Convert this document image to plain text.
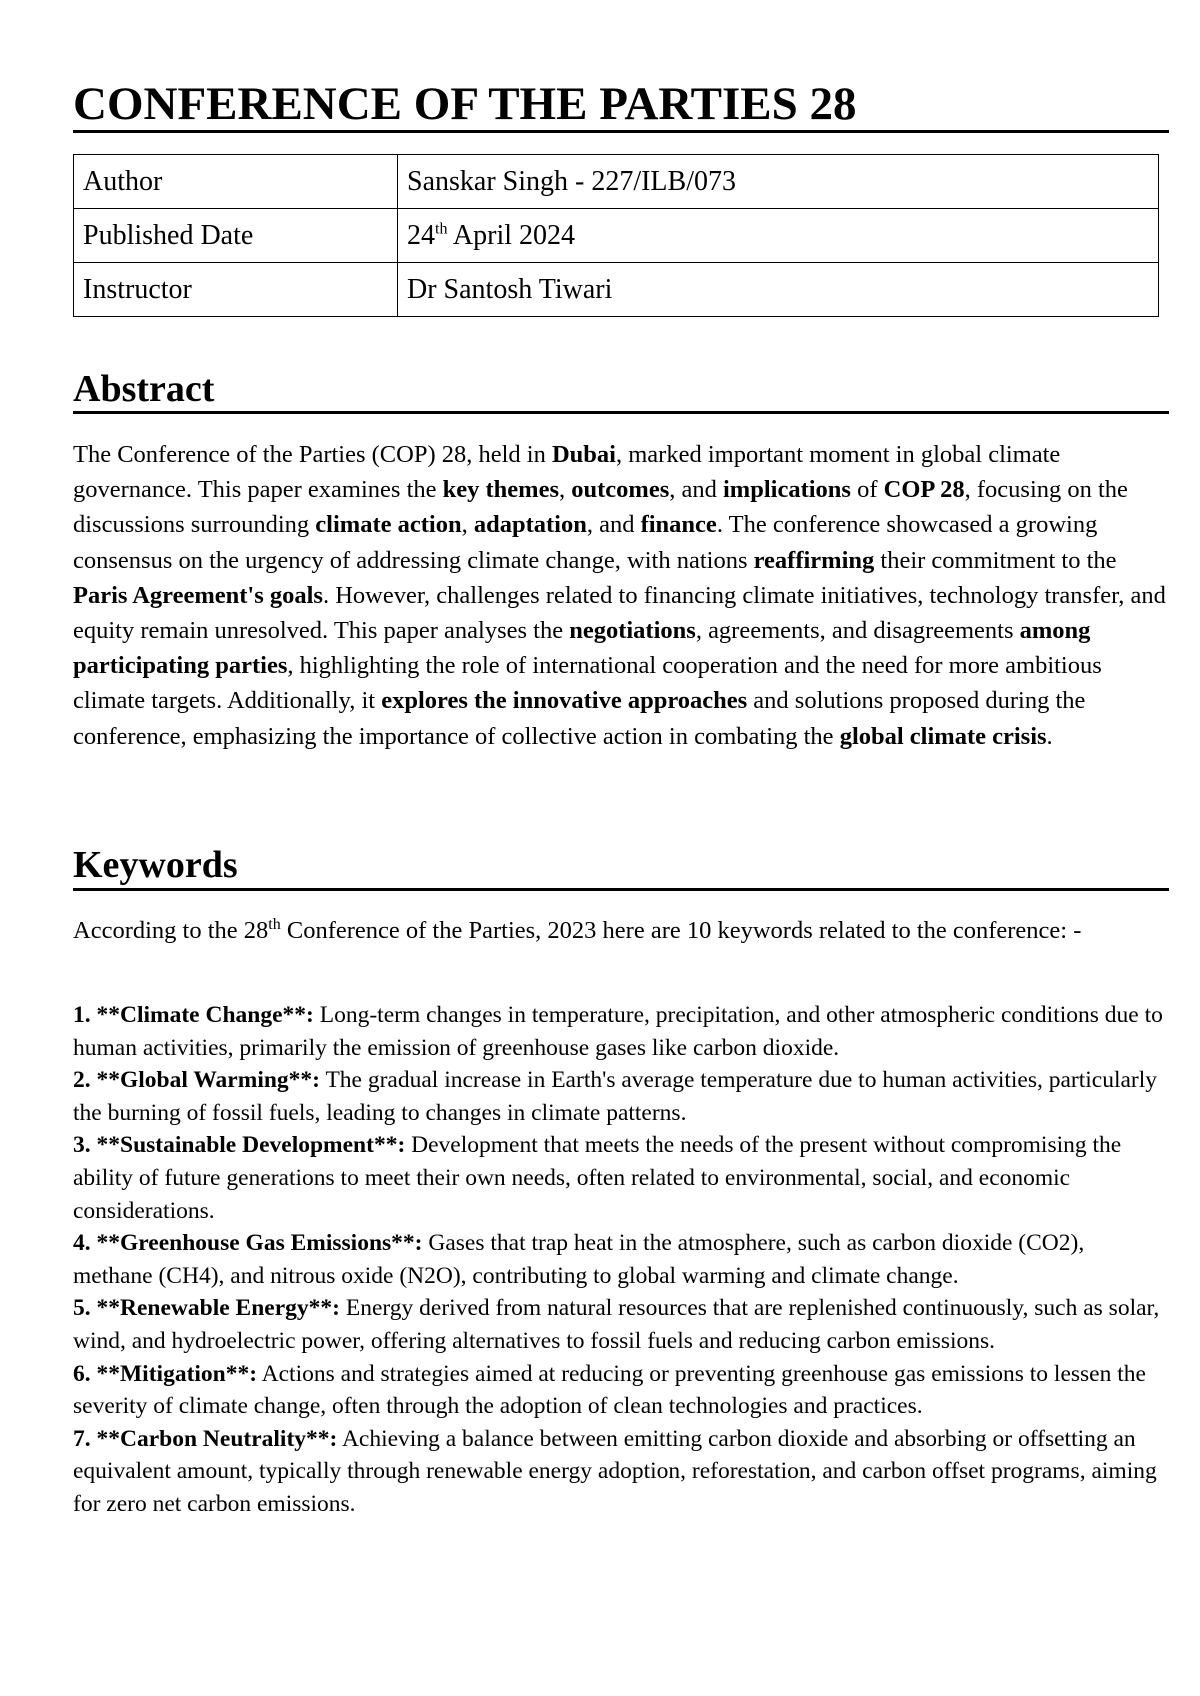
CONFERENCE OF THE PARTIES 28
Author	Sanskar Singh - 227/ILB/073
Published Date	24th April 2024
Instructor	Dr Santosh Tiwari
Abstract

The Conference of the Parties (COP) 28, held in Dubai, marked important moment in global climate governance. This paper examines the key themes, outcomes, and implications of COP 28, focusing on the discussions surrounding climate action, adaptation, and finance. The conference showcased a growing consensus on the urgency of addressing climate change, with nations reaffirming their commitment to the Paris Agreement's goals. However, challenges related to financing climate initiatives, technology transfer, and equity remain unresolved. This paper analyses the negotiations, agreements, and disagreements among participating parties, highlighting the role of international cooperation and the need for more ambitious climate targets. Additionally, it explores the innovative approaches and solutions proposed during the conference, emphasizing the importance of collective action in combating the global climate crisis.

Keywords

According to the 28th Conference of the Parties, 2023 here are 10 keywords related to the conference: -

1. **Climate Change**: Long-term changes in temperature, precipitation, and other atmospheric conditions due to human activities, primarily the emission of greenhouse gases like carbon dioxide.
2. **Global Warming**: The gradual increase in Earth's average temperature due to human activities, particularly the burning of fossil fuels, leading to changes in climate patterns.
3. **Sustainable Development**: Development that meets the needs of the present without compromising the ability of future generations to meet their own needs, often related to environmental, social, and economic considerations.
4. **Greenhouse Gas Emissions**: Gases that trap heat in the atmosphere, such as carbon dioxide (CO2), methane (CH4), and nitrous oxide (N2O), contributing to global warming and climate change.
5. **Renewable Energy**: Energy derived from natural resources that are replenished continuously, such as solar, wind, and hydroelectric power, offering alternatives to fossil fuels and reducing carbon emissions.
6. **Mitigation**: Actions and strategies aimed at reducing or preventing greenhouse gas emissions to lessen the severity of climate change, often through the adoption of clean technologies and practices.
7. **Carbon Neutrality**: Achieving a balance between emitting carbon dioxide and absorbing or offsetting an equivalent amount, typically through renewable energy adoption, reforestation, and carbon offset programs, aiming for zero net carbon emissions.
